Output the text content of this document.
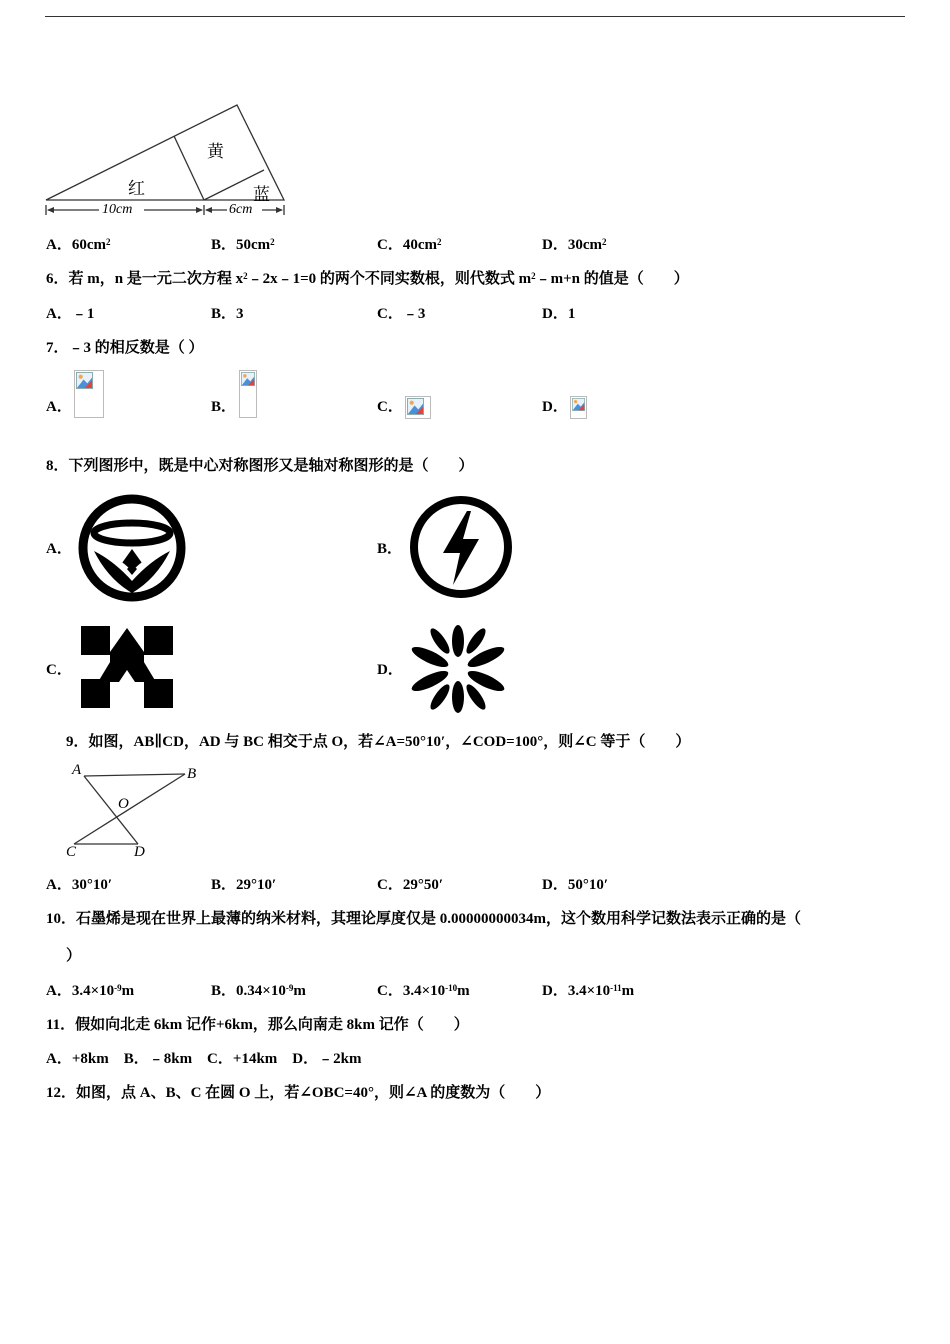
红
黄
蓝
10cm	6cm
A．$60cm^2$	B．$50cm^2$	C．$40cm^2$	D．$30cm^2$
6．若 m，n 是一元二次方程 $x^2﹣2x﹣1=0$ 的两个不同实数根，则代数式 $m^2﹣m+n$ 的值是（　　）
A．﹣1	B．3	C．﹣3	D．1
7．﹣3 的相反数是（ ）
A．	B．	C．	D．
8．下列图形中，既是中心对称图形又是轴对称图形的是（　　）
A．	B．
C．	D．
9．如图，AB∥CD，AD 与 BC 相交于点 O，若∠A=50°10′，∠COD=100°，则∠C 等于（　　）
A	B
O
C	D
A．30°10′	B．29°10′	C．29°50′	D．50°10′
10．石墨烯是现在世界上最薄的纳米材料，其理论厚度仅是 0.00000000034m，这个数用科学记数法表示正确的是（
）
A．$3.4\times 10^{-9}m$	B．$0.34\times 10^{-9}m$	C．$3.4\times 10^{-10}m$	D．$3.4\times 10^{-11}m$
11．假如向北走 6km 记作+6km，那么向南走 8km 记作（　　）
A．+8km　B．﹣8km　C．+14km　D．﹣2km
12．如图，点 A、B、C 在圆 O 上，若∠OBC=40°，则∠A 的度数为（　　）
